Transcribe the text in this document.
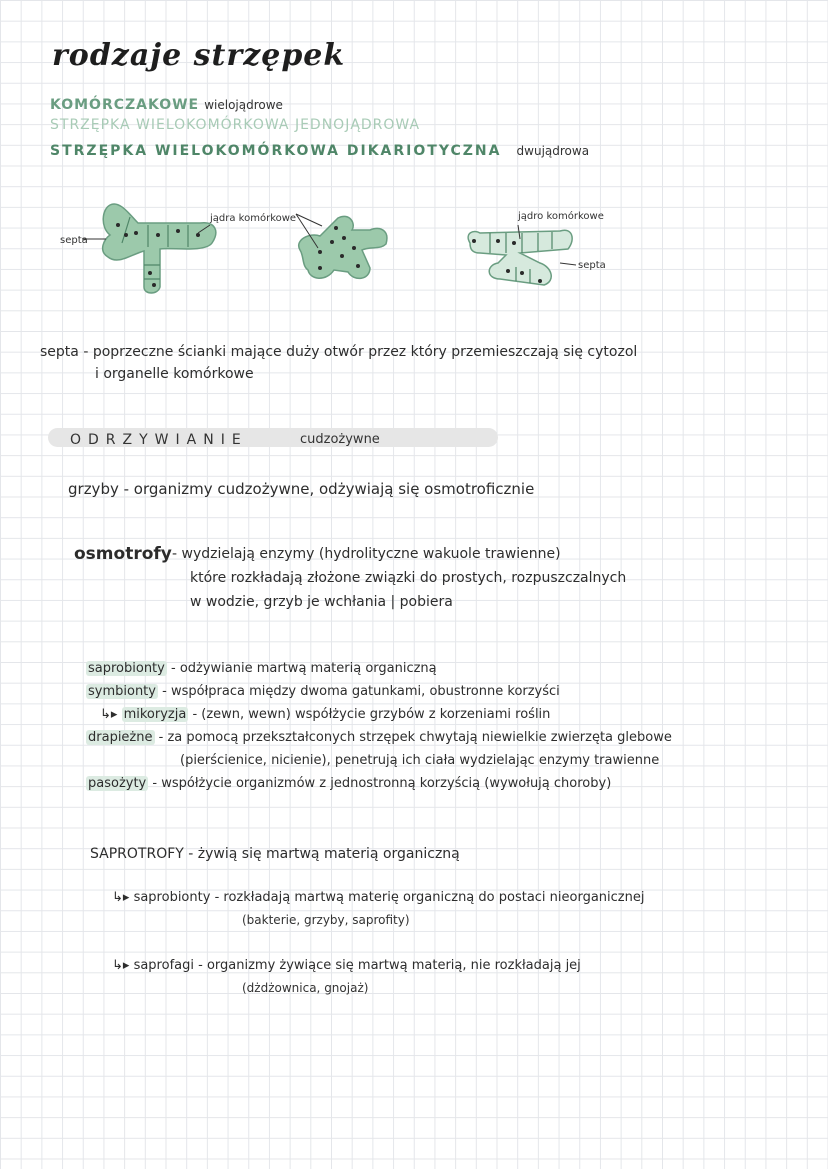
rodzaje strzępek
KOMÓRCZAKOWE wielojądrowe
STRZĘPKA WIELOKOMÓRKOWA JEDNOJĄDROWA
STRZĘPKA WIELOKOMÓRKOWA DIKARIOTYCZNA dwujądrowa
septa
jądra komórkowe	jądro komórkowe
septa
septa - poprzeczne ścianki mające duży otwór przez który przemieszczają się cytozol
i organelle komórkowe
ODRZYWIANIE	cudzożywne
grzyby - organizmy cudzożywne, odżywiają się osmotroficznie
osmotrofy - wydzielają enzymy (hydrolityczne wakuole trawienne)
które rozkładają złożone związki do prostych, rozpuszczalnych
w wodzie, grzyb je wchłania | pobiera
saprobionty - odżywianie martwą materią organiczną
symbionty - współpraca między dwoma gatunkami, obustronne korzyści
↳▸ mikoryzja - (zewn, wewn) współżycie grzybów z korzeniami roślin
drapieżne - za pomocą przekształconych strzępek chwytają niewielkie zwierzęta glebowe
(pierścienice, nicienie), penetrują ich ciała wydzielając enzymy trawienne
pasożyty - współżycie organizmów z jednostronną korzyścią (wywołują choroby)
SAPROTROFY - żywią się martwą materią organiczną
↳▸ saprobionty - rozkładają martwą materię organiczną do postaci nieorganicznej
(bakterie, grzyby, saprofity)
↳▸ saprofagi - organizmy żywiące się martwą materią, nie rozkładają jej
(dżdżownica, gnojaż)
